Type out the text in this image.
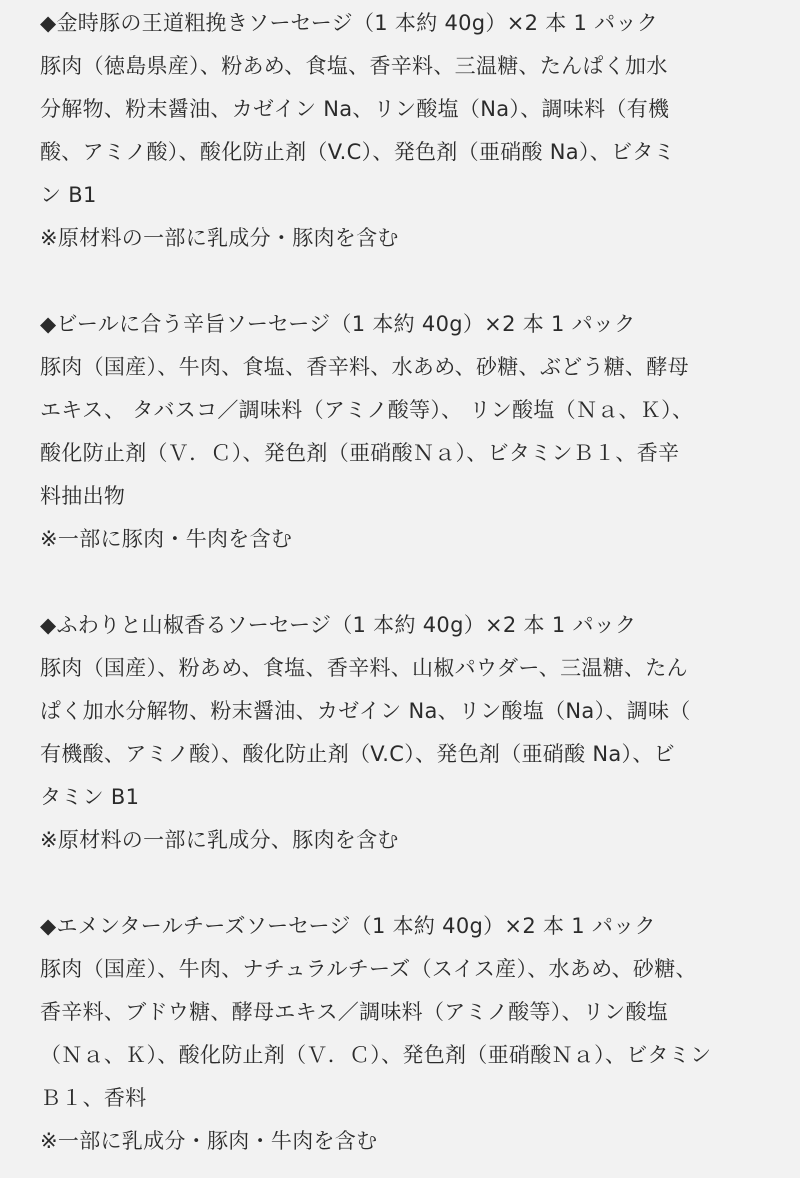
◆金時豚の王道粗挽きソーセージ（1 本約 40g）×2 本 1 パック
豚肉（徳島県産）、粉あめ、食塩、香辛料、三温糖、たんぱく加水
分解物、粉末醤油、カゼイン Na、リン酸塩（Na）、調味料（有機
酸、アミノ酸）、酸化防止剤（V.C）、発色剤（亜硝酸 Na）、ビタミ
ン B1
※原材料の一部に乳成分・豚肉を含む
◆ビールに合う辛旨ソーセージ（1 本約 40g）×2 本 1 パック
豚肉（国産）、牛肉、食塩、香辛料、水あめ、砂糖、ぶどう糖、酵母
エキス、 タバスコ／調味料（アミノ酸等）、 リン酸塩（Ｎａ、Ｋ）、
酸化防止剤（Ｖ．Ｃ）、発色剤（亜硝酸Ｎａ）、ビタミンＢ１、香辛
料抽出物
※一部に豚肉・牛肉を含む
◆ふわりと山椒香るソーセージ（1 本約 40g）×2 本 1 パック
豚肉（国産）、粉あめ、食塩、香辛料、山椒パウダー、三温糖、たん
ぱく加水分解物、粉末醤油、カゼイン Na、リン酸塩（Na）、調味（
有機酸、アミノ酸）、酸化防止剤（V.C）、発色剤（亜硝酸 Na）、ビ
タミン B1
※原材料の一部に乳成分、豚肉を含む
◆エメンタールチーズソーセージ（1 本約 40g）×2 本 1 パック
豚肉（国産）、牛肉、ナチュラルチーズ（スイス産）、水あめ、砂糖、
香辛料、ブドウ糖、酵母エキス／調味料（アミノ酸等）、リン酸塩
（Ｎａ、Ｋ）、酸化防止剤（Ｖ．Ｃ）、発色剤（亜硝酸Ｎａ）、ビタミン
Ｂ１、香料
※一部に乳成分・豚肉・牛肉を含む
